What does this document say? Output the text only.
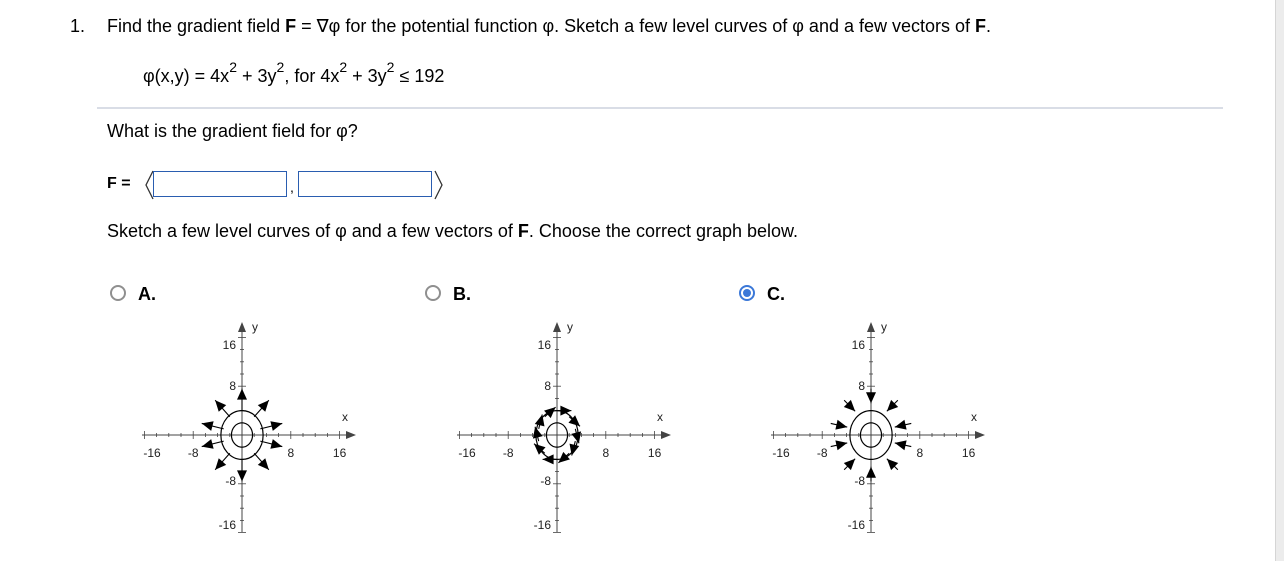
1. Find the gradient field F = ∇φ for the potential function φ. Sketch a few level curves of φ and a few vectors of F.
$\varphi(x,y) = 4x^2 + 3y^2$, for $4x^2 + 3y^2 \le 192$
What is the gradient field for φ?
F =	,
Sketch a few level curves of φ and a few vectors of F. Choose the correct graph below.
A.	B.	C.
y
x
16
8
-8
-16
-16 -8	8	16
y
x
16
8
-8
-16
-16 -8	8	16
y
x
16
8
-8
-16
-16 -8	8	16
